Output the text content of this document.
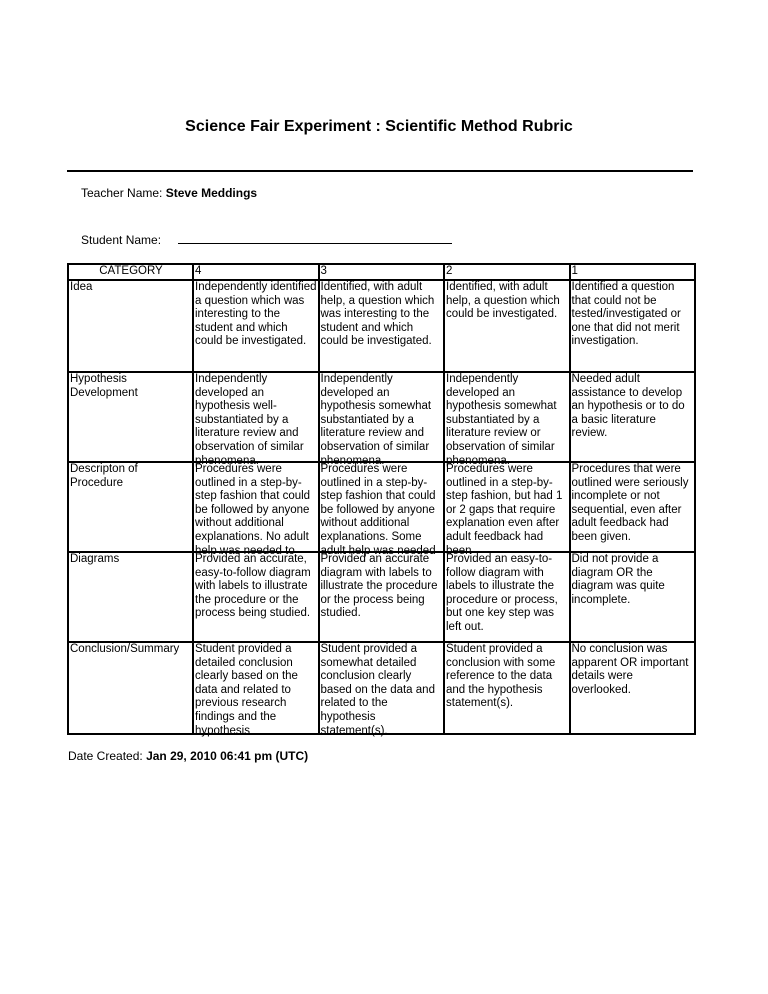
Science Fair Experiment : Scientific Method Rubric
Teacher Name: Steve Meddings
Student Name:
CATEGORY	4	3	2	1
Idea	Independently identified a question which was interesting to the student and which could be investigated.	Identified, with adult help, a question which was interesting to the student and which could be investigated.	Identified, with adult help, a question which could be investigated.	Identified a question that could not be tested/investigated or one that did not merit investigation.

Hypothesis Development	Independently developed an hypothesis well-substantiated by a literature review and observation of similar phenomena.	Independently developed an hypothesis somewhat substantiated by a literature review and observation of similar phenomena.	Independently developed an hypothesis somewhat substantiated by a literature review or observation of similar phenomena.	Needed adult assistance to develop an hypothesis or to do a basic literature review.

Descripton of Procedure	Procedures were outlined in a step-by-step fashion that could be followed by anyone without additional explanations. No adult help was needed to	Procedures were outlined in a step-by-step fashion that could be followed by anyone without additional explanations. Some adult help was needed	Procedures were outlined in a step-by-step fashion, but had 1 or 2 gaps that require explanation even after adult feedback had been	Procedures that were outlined were seriously incomplete or not sequential, even after adult feedback had been given.

Diagrams	Provided an accurate, easy-to-follow diagram with labels to illustrate the procedure or the process being studied.	Provided an accurate diagram with labels to illustrate the procedure or the process being studied.	Provided an easy-to-follow diagram with labels to illustrate the procedure or process, but one key step was left out.	Did not provide a diagram OR the diagram was quite incomplete.

Conclusion/Summary	Student provided a detailed conclusion clearly based on the data and related to previous research findings and the hypothesis	Student provided a somewhat detailed conclusion clearly based on the data and related to the hypothesis statement(s).	Student provided a conclusion with some reference to the data and the hypothesis statement(s).	No conclusion was apparent OR important details were overlooked.
Date Created: Jan 29, 2010 06:41 pm (UTC)
